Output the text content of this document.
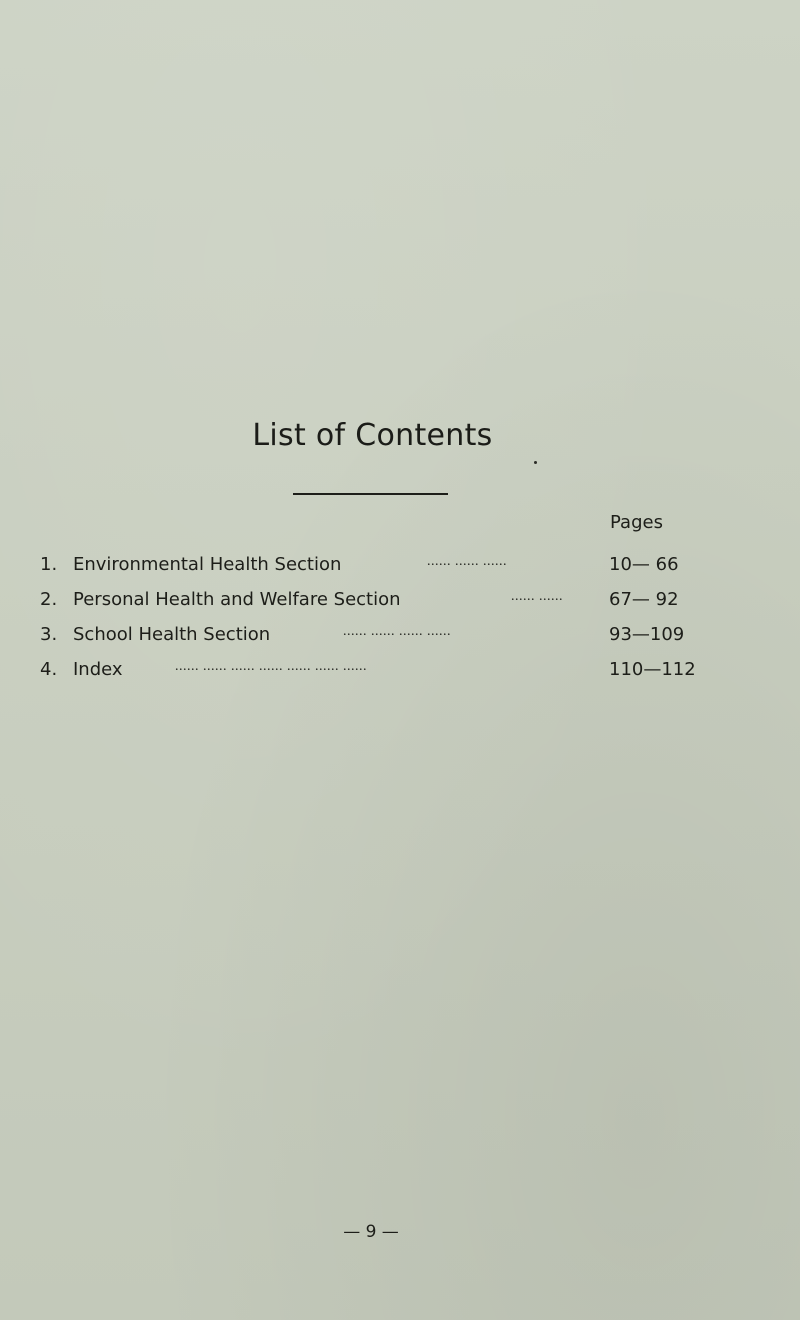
List of Contents
Pages
1. Environmental Health Section	...... ...... ......	10— 66
2. Personal Health and Welfare Section	...... ......	67— 92
3. School Health Section	...... ...... ...... ......	93—109
4. Index	...... ...... ...... ...... ...... ...... ......	110—112
— 9 —
